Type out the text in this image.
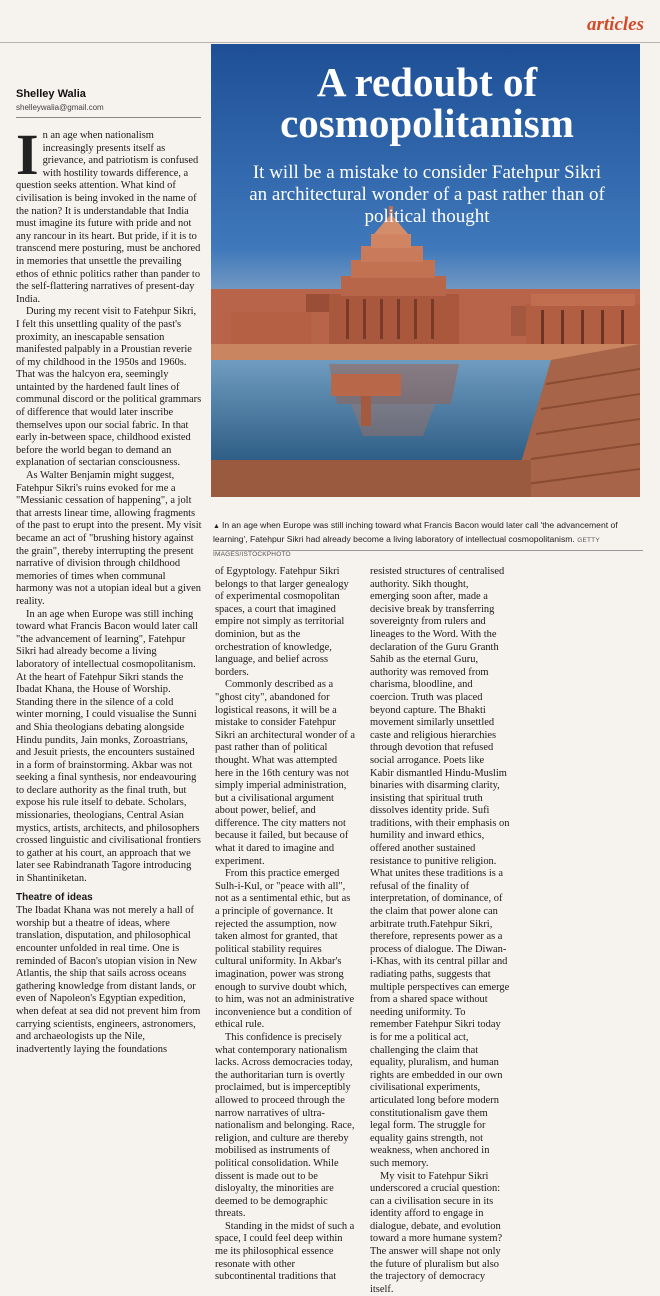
articles
Shelley Walia
shelleywalia@gmail.com

In an age when nationalism increasingly presents itself as grievance, and patriotism is confused with hostility towards difference, a question seeks attention. What kind of civilisation is being invoked in the name of the nation? It is understandable that India must imagine its future with pride and not any rancour in its heart. But pride, if it is to transcend mere posturing, must be anchored in memories that unsettle the prevailing ethos of ethnic politics rather than pander to the self-flattering narratives of present-day India.

During my recent visit to Fatehpur Sikri, I felt this unsettling quality of the past's proximity, an inescapable sensation manifested palpably in a Proustian reverie of my childhood in the 1950s and 1960s. That was the halcyon era, seemingly untainted by the hardened fault lines of communal discord or the political grammars of difference that would later inscribe themselves upon our social fabric. In that early in-between space, childhood existed before the world began to demand an explanation of sectarian consciousness.

As Walter Benjamin might suggest, Fatehpur Sikri's ruins evoked for me a "Messianic cessation of happening", a jolt that arrests linear time, allowing fragments of the past to erupt into the present. My visit became an act of "brushing history against the grain", thereby interrupting the present narrative of division through childhood memories of times when communal harmony was not a utopian ideal but a given reality.

In an age when Europe was still inching toward what Francis Bacon would later call "the advancement of learning", Fatehpur Sikri had already become a living laboratory of intellectual cosmopolitanism. At the heart of Fatehpur Sikri stands the Ibadat Khana, the House of Worship. Standing there in the silence of a cold winter morning, I could visualise the Sunni and Shia theologians debating alongside Hindu pundits, Jain monks, Zoroastrians, and Jesuit priests, the encounters sustained in a form of brainstorming. Akbar was not seeking a final synthesis, nor endeavouring to declare authority as the final truth, but expose his rule itself to debate. Scholars, missionaries, theologians, Central Asian mystics, artists, architects, and philosophers crossed linguistic and civilisational frontiers to gather at his court, an approach that we later see Rabindranath Tagore introducing in Shantiniketan.

Theatre of ideas

The Ibadat Khana was not merely a hall of worship but a theatre of ideas, where translation, disputation, and philosophical encounter unfolded in real time. One is reminded of Bacon's utopian vision in New Atlantis, the ship that sails across oceans gathering knowledge from distant lands, or even of Napoleon's Egyptian expedition, when defeat at sea did not prevent him from carrying scientists, engineers, astronomers, and archaeologists up the Nile, inadvertently laying the foundations

A redoubt of cosmopolitanism
It will be a mistake to consider Fatehpur Sikri an architectural wonder of a past rather than of political thought
▲ In an age when Europe was still inching toward what Francis Bacon would later call 'the advancement of learning', Fatehpur Sikri had already become a living laboratory of intellectual cosmopolitanism. GETTY IMAGES/ISTOCKPHOTO

of Egyptology. Fatehpur Sikri belongs to that larger genealogy of experimental cosmopolitan spaces, a court that imagined empire not simply as territorial dominion, but as the orchestration of knowledge, language, and belief across borders.

Commonly described as a "ghost city", abandoned for logistical reasons, it will be a mistake to consider Fatehpur Sikri an architectural wonder of a past rather than of political thought. What was attempted here in the 16th century was not simply imperial administration, but a civilisational argument about power, belief, and difference. The city matters not because it failed, but because of what it dared to imagine and experiment.

From this practice emerged Sulh-i-Kul, or "peace with all", not as a sentimental ethic, but as a principle of governance. It rejected the assumption, now taken almost for granted, that political stability requires cultural uniformity. In Akbar's imagination, power was strong enough to survive doubt which, to him, was not an administrative inconvenience but a condition of ethical rule.

This confidence is precisely what contemporary nationalism lacks. Across democracies today, the authoritarian turn is overtly proclaimed, but is imperceptibly allowed to proceed through the narrow narratives of ultra-nationalism and belonging. Race, religion, and culture are thereby mobilised as instruments of political consolidation. While dissent is made out to be disloyalty, the minorities are deemed to be demographic threats.

Standing in the midst of such a space, I could feel deep within me its philosophical essence resonate with other subcontinental traditions that

resisted structures of centralised authority. Sikh thought, emerging soon after, made a decisive break by transferring sovereignty from rulers and lineages to the Word. With the declaration of the Guru Granth Sahib as the eternal Guru, authority was removed from charisma, bloodline, and coercion. Truth was placed beyond capture. The Bhakti movement similarly unsettled caste and religious hierarchies through devotion that refused social arrogance. Poets like Kabir dismantled Hindu-Muslim binaries with disarming clarity, insisting that spiritual truth dissolves identity pride. Sufi traditions, with their emphasis on humility and inward ethics, offered another sustained resistance to punitive religion. What unites these traditions is a refusal of the finality of interpretation, of dominance, of the claim that power alone can arbitrate truth.Fatehpur Sikri, therefore, represents power as a process of dialogue. The Diwan-i-Khas, with its central pillar and radiating paths, suggests that multiple perspectives can emerge from a shared space without needing uniformity. To remember Fatehpur Sikri today is for me a political act, challenging the claim that equality, pluralism, and human rights are embedded in our own civilisational experiments, articulated long before modern constitutionalism gave them legal form. The struggle for equality gains strength, not weakness, when anchored in such memory.

My visit to Fatehpur Sikri underscored a crucial question: can a civilisation secure in its identity afford to engage in dialogue, debate, and evolution toward a more humane system? The answer will shape not only the future of pluralism but also the trajectory of democracy itself.
